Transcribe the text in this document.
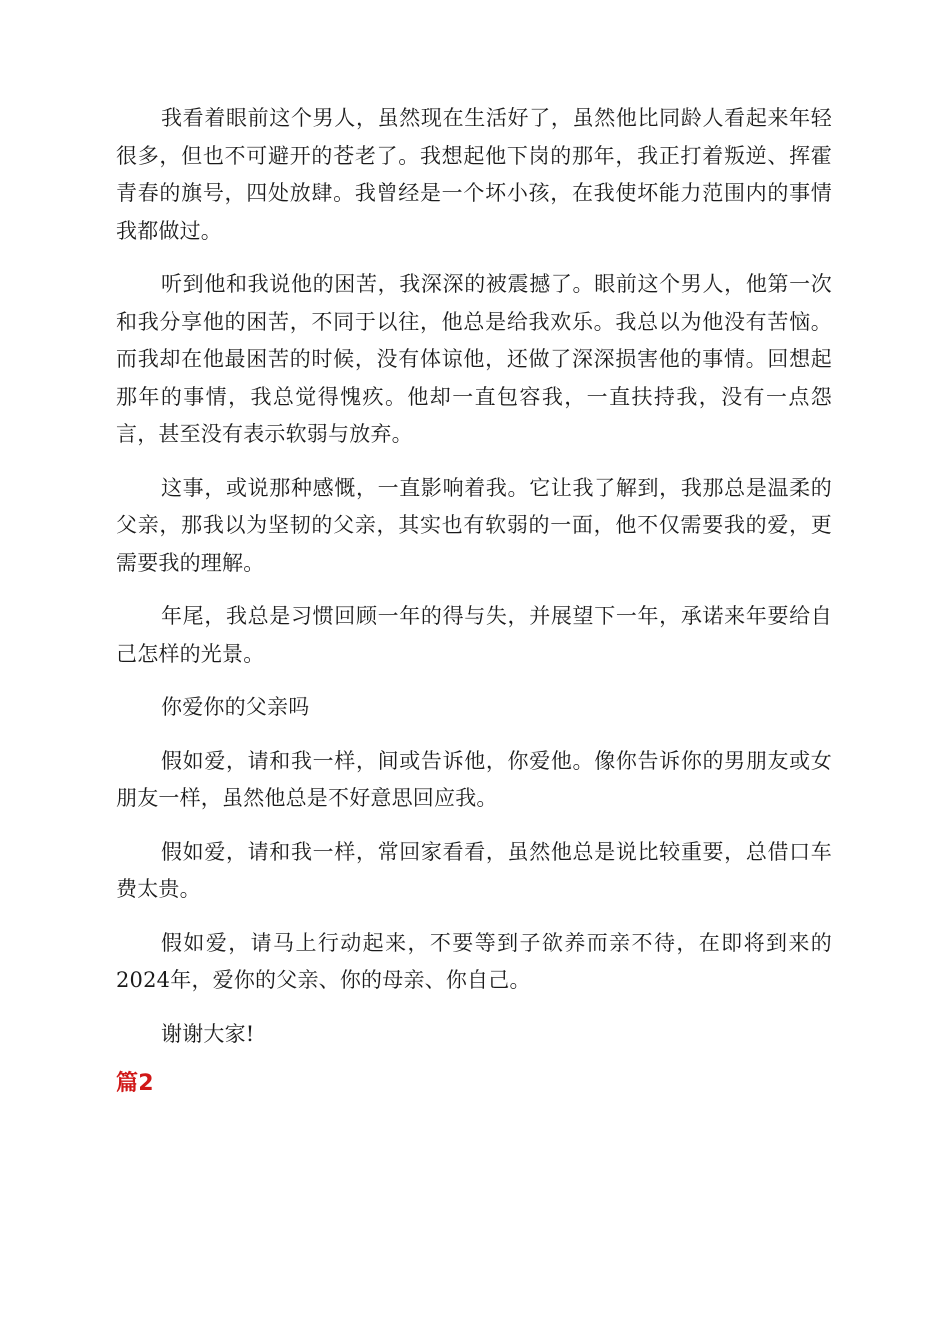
我看着眼前这个男人，虽然现在生活好了，虽然他比同龄人看起来年轻很多，但也不可避开的苍老了。我想起他下岗的那年，我正打着叛逆、挥霍青春的旗号，四处放肆。我曾经是一个坏小孩，在我使坏能力范围内的事情我都做过。

听到他和我说他的困苦，我深深的被震撼了。眼前这个男人，他第一次和我分享他的困苦，不同于以往，他总是给我欢乐。我总以为他没有苦恼。而我却在他最困苦的时候，没有体谅他，还做了深深损害他的事情。回想起那年的事情，我总觉得愧疚。他却一直包容我，一直扶持我，没有一点怨言，甚至没有表示软弱与放弃。

这事，或说那种感慨，一直影响着我。它让我了解到，我那总是温柔的父亲，那我以为坚韧的父亲，其实也有软弱的一面，他不仅需要我的爱，更需要我的理解。

年尾，我总是习惯回顾一年的得与失，并展望下一年，承诺来年要给自己怎样的光景。

你爱你的父亲吗

假如爱，请和我一样，间或告诉他，你爱他。像你告诉你的男朋友或女朋友一样，虽然他总是不好意思回应我。

假如爱，请和我一样，常回家看看，虽然他总是说比较重要，总借口车费太贵。

假如爱，请马上行动起来，不要等到子欲养而亲不待，在即将到来的2024年，爱你的父亲、你的母亲、你自己。

谢谢大家!

篇2
